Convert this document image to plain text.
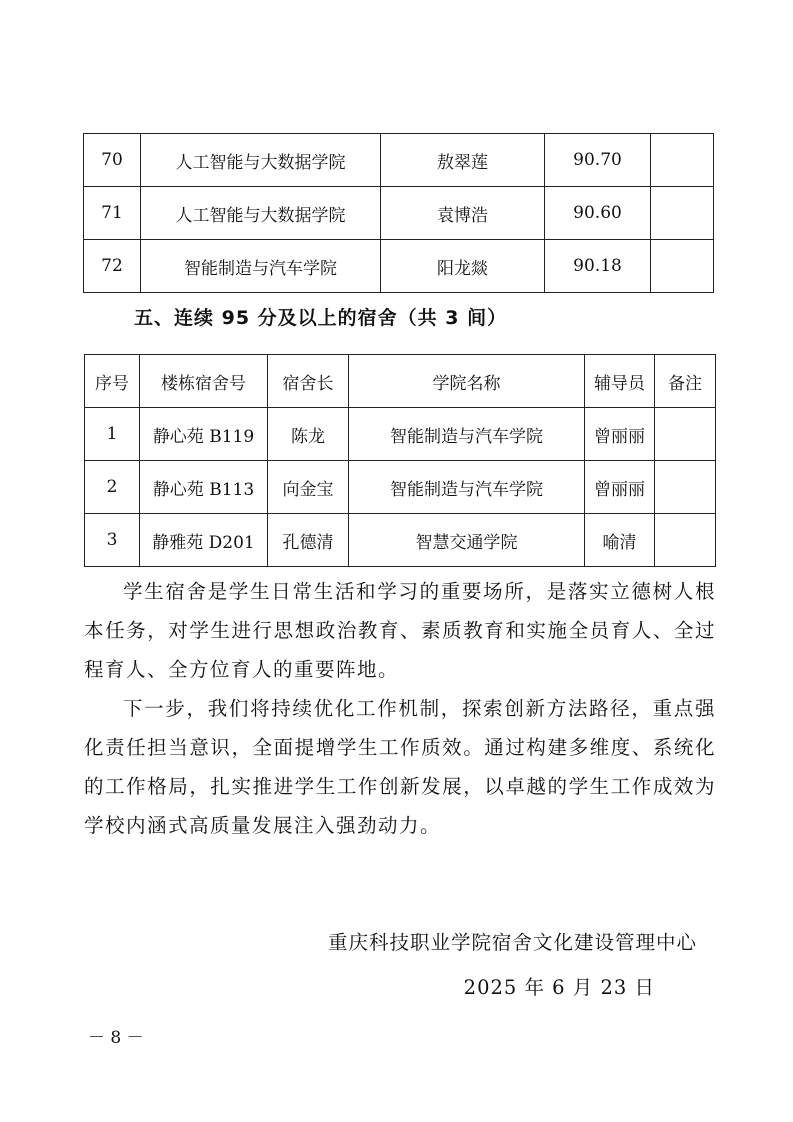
70	人工智能与大数据学院	敖翠莲	90.70	
71	人工智能与大数据学院	袁博浩	90.60	
72	智能制造与汽车学院	阳龙燚	90.18	
五、连续 95 分及以上的宿舍（共 3 间）
序号	楼栋宿舍号	宿舍长	学院名称	辅导员	备注
1	静心苑 B119	陈龙	智能制造与汽车学院	曾丽丽	
2	静心苑 B113	向金宝	智能制造与汽车学院	曾丽丽	
3	静雅苑 D201	孔德清	智慧交通学院	喻清	

学生宿舍是学生日常生活和学习的重要场所，是落实立德树人根本任务，对学生进行思想政治教育、素质教育和实施全员育人、全过程育人、全方位育人的重要阵地。

下一步，我们将持续优化工作机制，探索创新方法路径，重点强化责任担当意识，全面提增学生工作质效。通过构建多维度、系统化的工作格局，扎实推进学生工作创新发展，以卓越的学生工作成效为学校内涵式高质量发展注入强劲动力。

重庆科技职业学院宿舍文化建设管理中心
2025 年 6 月 23 日
－ 8 －
